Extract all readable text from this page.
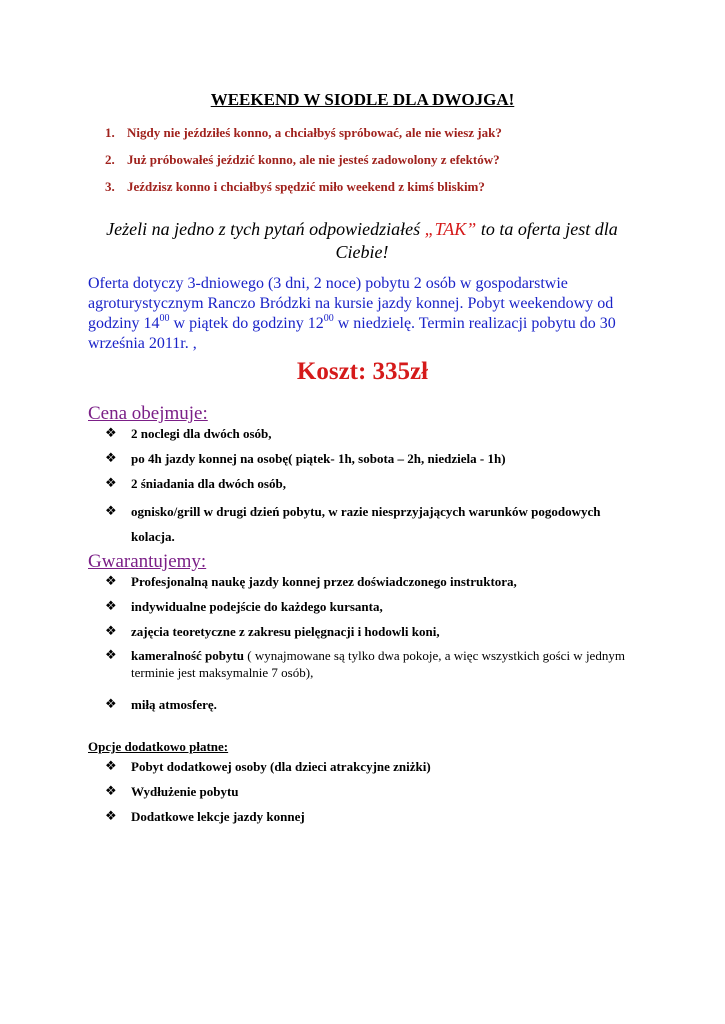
WEEKEND W SIODLE DLA DWOJGA!
1. Nigdy nie jeździłeś konno, a chciałbyś spróbować, ale nie wiesz jak?
2. Już próbowałeś jeździć konno, ale nie jesteś zadowolony z efektów?
3. Jeździsz konno i chciałbyś spędzić miło weekend z kimś bliskim?
Jeżeli na jedno z tych pytań odpowiedziałeś „TAK” to ta oferta jest dla Ciebie!
Oferta dotyczy 3-dniowego (3 dni, 2 noce) pobytu 2 osób w gospodarstwie agroturystycznym Ranczo Bródzki na kursie jazdy konnej. Pobyt weekendowy od godziny $14^{00}$ w piątek do godziny $12^{00}$ w niedzielę. Termin realizacji pobytu do 30 września 2011r. ,
Koszt: 335zł
Cena obejmuje:
❖	2 noclegi dla dwóch osób,
❖	po 4h jazdy konnej na osobę( piątek- 1h, sobota – 2h, niedziela - 1h)
❖	2 śniadania dla dwóch osób,
❖	ognisko/grill w drugi dzień pobytu, w razie niesprzyjających warunków pogodowych kolacja.
Gwarantujemy:
❖	Profesjonalną naukę jazdy konnej przez doświadczonego instruktora,
❖	indywidualne podejście do każdego kursanta,
❖	zajęcia teoretyczne z zakresu pielęgnacji i hodowli koni,
❖	kameralność pobytu ( wynajmowane są tylko dwa pokoje, a więc wszystkich gości w jednym terminie jest maksymalnie 7 osób),
❖	miłą atmosferę.
Opcje dodatkowo płatne:
❖	Pobyt dodatkowej osoby (dla dzieci atrakcyjne zniżki)
❖	Wydłużenie pobytu
❖	Dodatkowe lekcje jazdy konnej
